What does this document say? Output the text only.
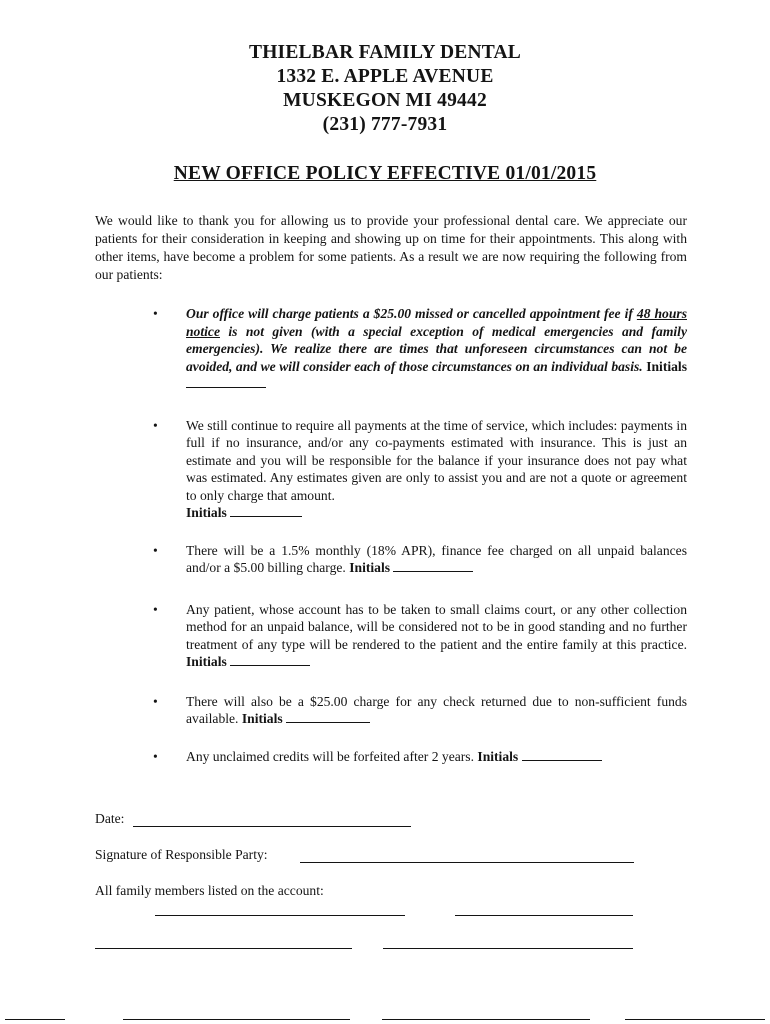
THIELBAR FAMILY DENTAL
1332 E. APPLE AVENUE
MUSKEGON MI 49442
(231) 777-7931
NEW OFFICE POLICY EFFECTIVE 01/01/2015
We would like to thank you for allowing us to provide your professional dental care. We appreciate our patients for their consideration in keeping and showing up on time for their appointments. This along with other items, have become a problem for some patients. As a result we are now requiring the following from our patients:
• Our office will charge patients a $25.00 missed or cancelled appointment fee if 48 hours notice is not given (with a special exception of medical emergencies and family emergencies). We realize there are times that unforeseen circumstances can not be avoided, and we will consider each of those circumstances on an individual basis. Initials
• We still continue to require all payments at the time of service, which includes: payments in full if no insurance, and/or any co-payments estimated with insurance. This is just an estimate and you will be responsible for the balance if your insurance does not pay what was estimated. Any estimates given are only to assist you and are not a quote or agreement to only charge that amount.
Initials
• There will be a 1.5% monthly (18% APR), finance fee charged on all unpaid balances and/or a $5.00 billing charge. Initials
• Any patient, whose account has to be taken to small claims court, or any other collection method for an unpaid balance, will be considered not to be in good standing and no further treatment of any type will be rendered to the patient and the entire family at this practice. Initials
• There will also be a $25.00 charge for any check returned due to non-sufficient funds available. Initials
• Any unclaimed credits will be forfeited after 2 years. Initials
Date:
Signature of Responsible Party:
All family members listed on the account:
